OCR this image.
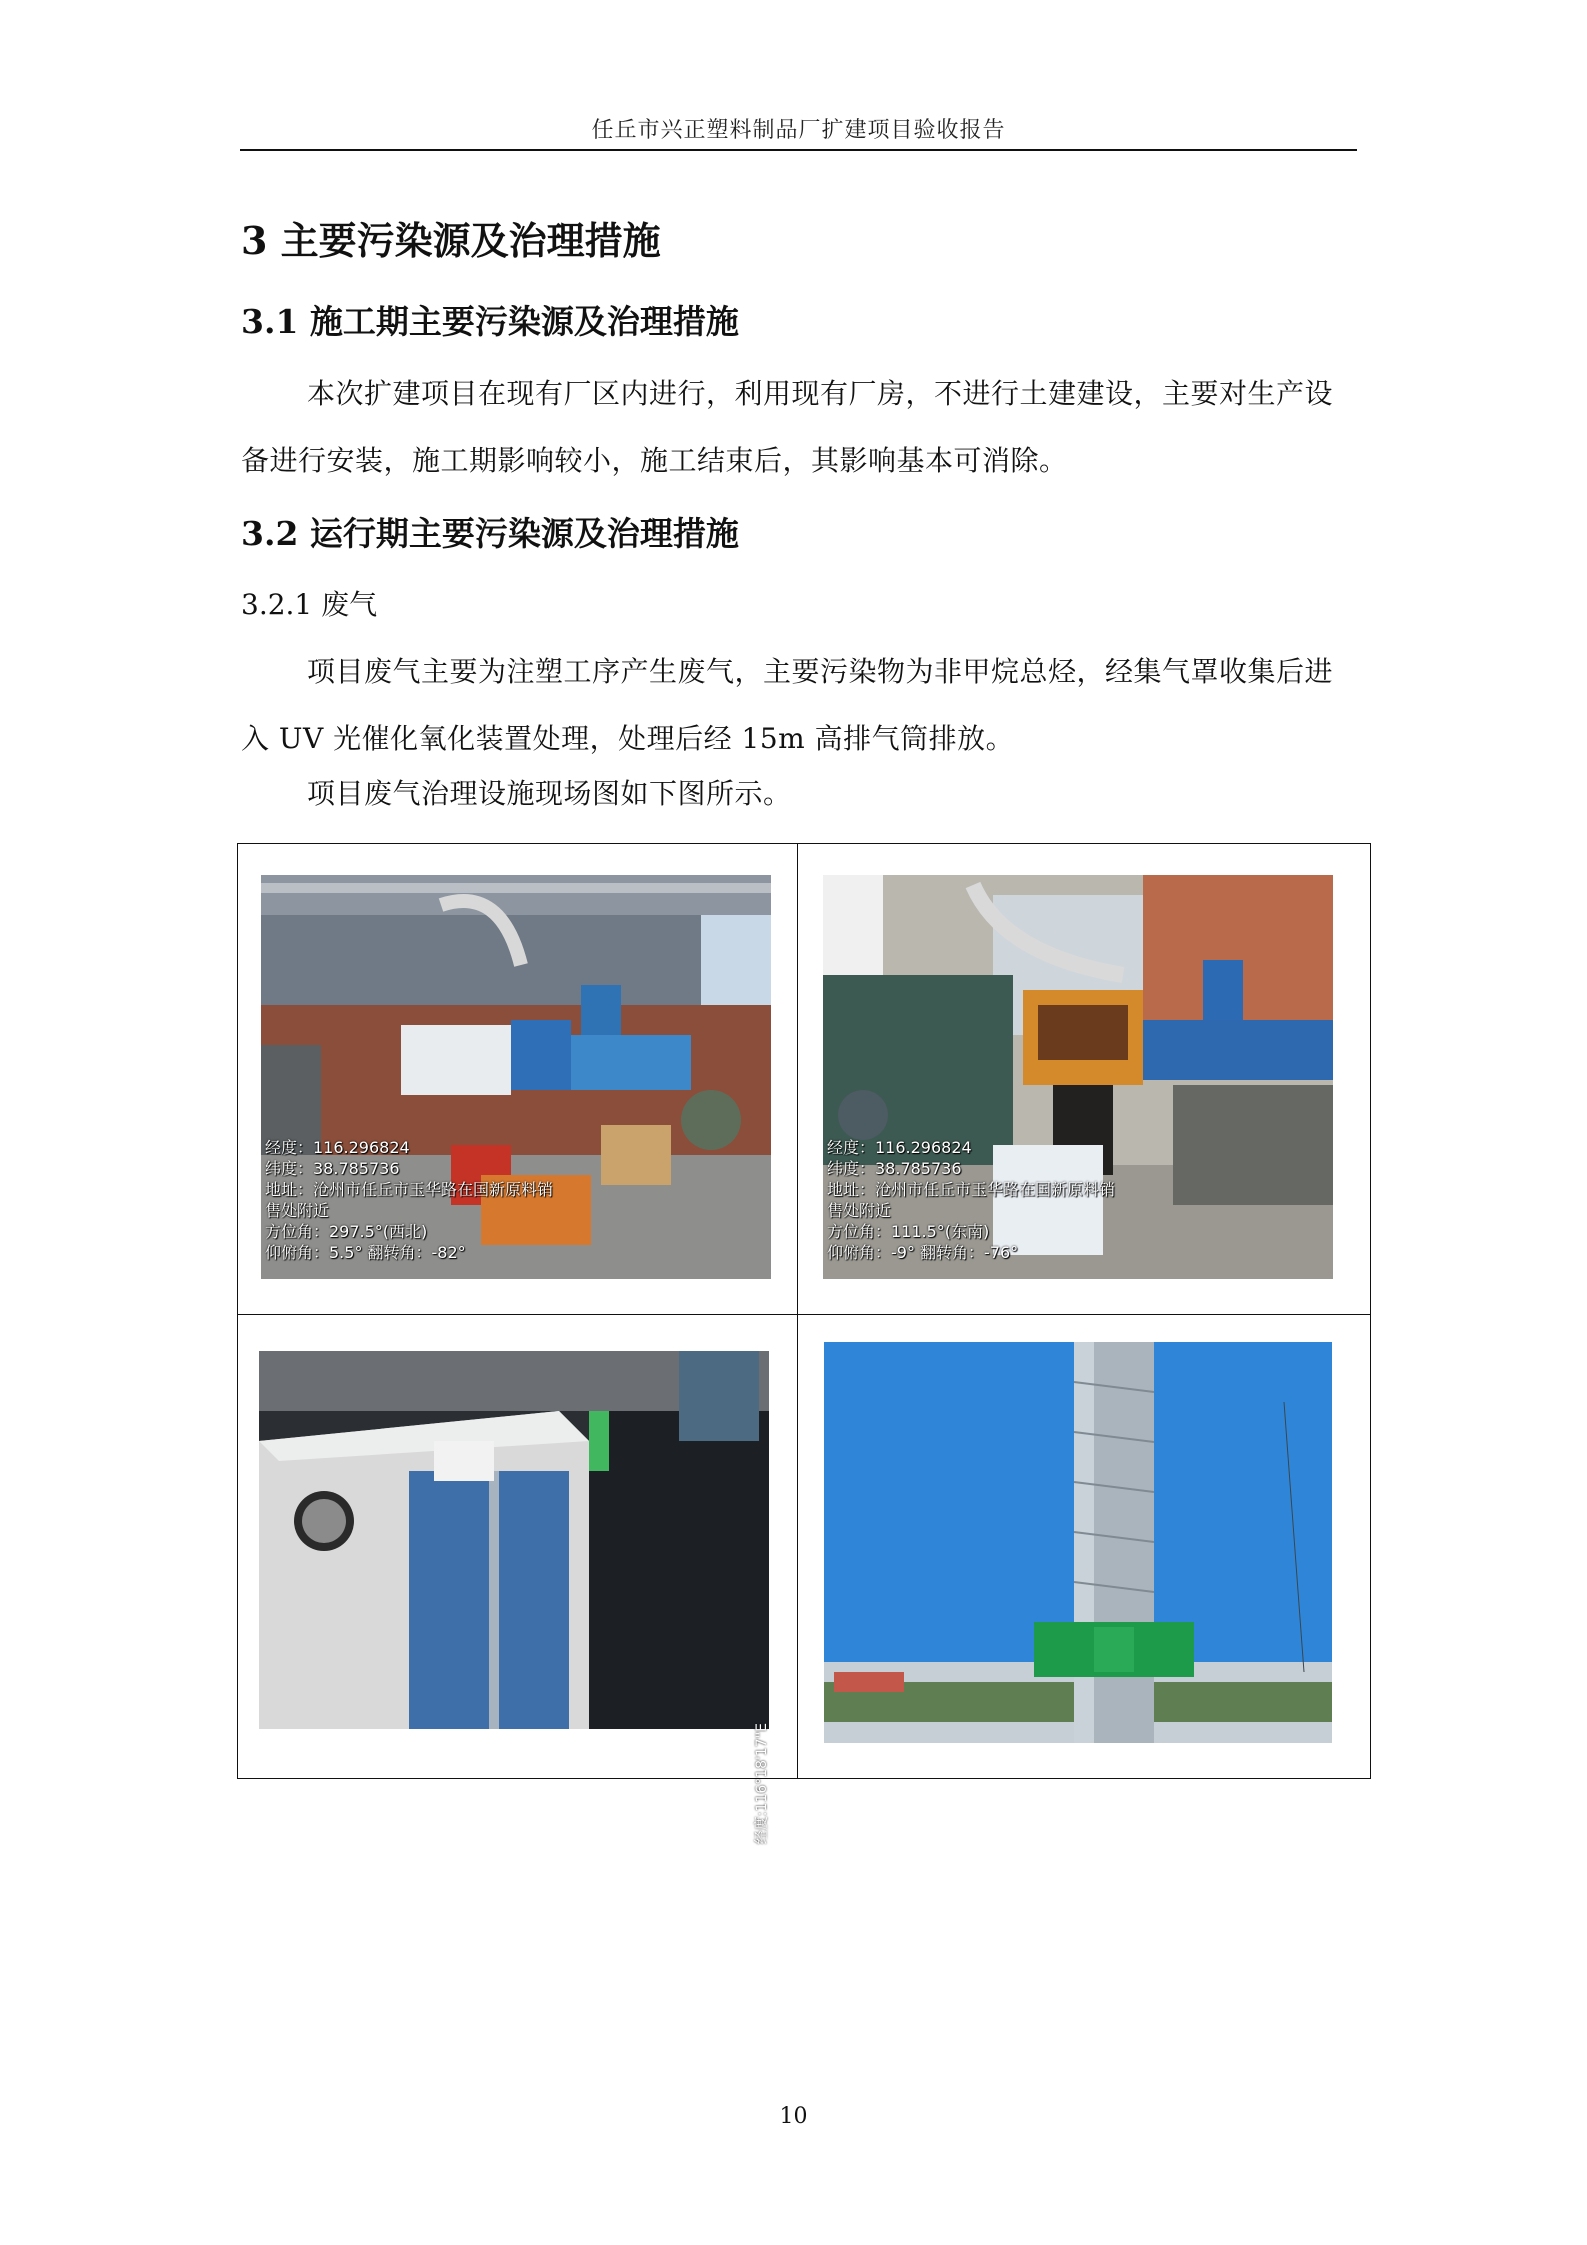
任丘市兴正塑料制品厂扩建项目验收报告
3 主要污染源及治理措施
3.1 施工期主要污染源及治理措施
本次扩建项目在现有厂区内进行，利用现有厂房，不进行土建建设，主要对生产设备进行安装，施工期影响较小，施工结束后，其影响基本可消除。
3.2 运行期主要污染源及治理措施
3.2.1 废气
项目废气主要为注塑工序产生废气，主要污染物为非甲烷总烃，经集气罩收集后进入 UV 光催化氧化装置处理，处理后经 15m 高排气筒排放。
项目废气治理设施现场图如下图所示。
经度：116.296824
纬度：38.785736
地址：沧州市任丘市玉华路在国新原料销
售处附近
方位角：297.5°(西北)
仰俯角：5.5° 翻转角：-82°
经度：116.296824
纬度：38.785736
地址：沧州市任丘市玉华路在国新原料销
售处附近
方位角：111.5°(东南)
仰俯角：-9° 翻转角：-76°
经度:116°18'17"E
10
